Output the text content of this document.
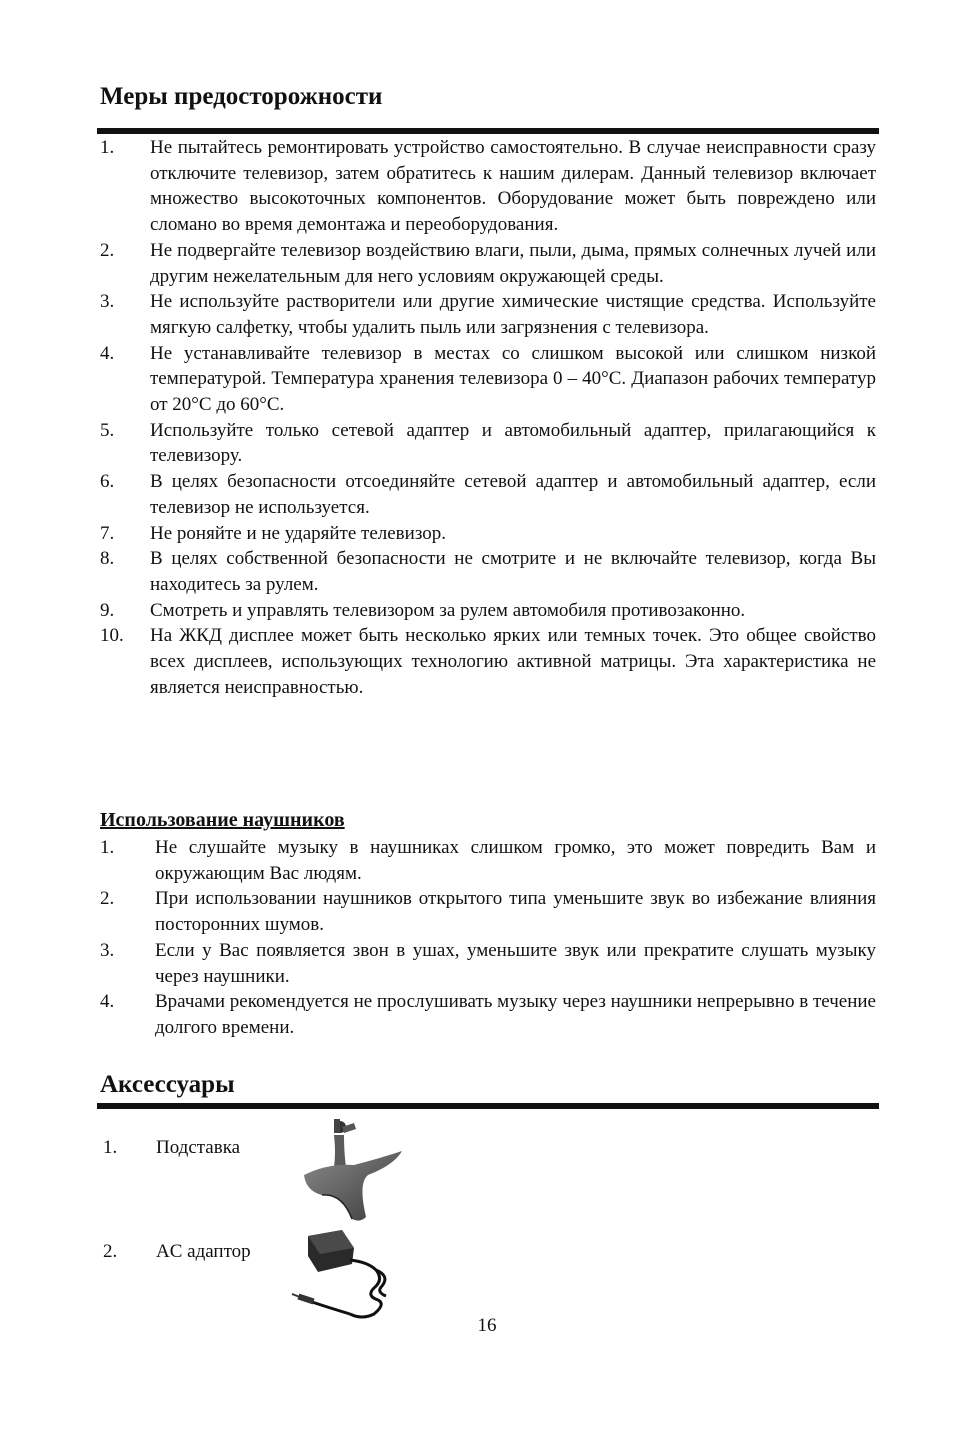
Меры предосторожности
1. Не пытайтесь ремонтировать устройство самостоятельно. В случае неисправности сразу отключите телевизор, затем обратитесь к нашим дилерам. Данный телевизор включает множество высокоточных компонентов. Оборудование может быть повреждено или сломано во время демонтажа и переоборудования.
2. Не подвергайте телевизор воздействию влаги, пыли, дыма, прямых солнечных лучей или другим нежелательным для него условиям окружающей среды.
3. Не используйте растворители или другие химические чистящие средства. Используйте мягкую салфетку, чтобы удалить пыль или загрязнения с телевизора.
4. Не устанавливайте телевизор в местах со слишком высокой или слишком низкой температурой. Температура хранения телевизора 0 – 40°C. Диапазон рабочих температур от 20°C до 60°C.
5. Используйте только сетевой адаптер и автомобильный адаптер, прилагающийся к телевизору.
6. В целях безопасности отсоединяйте сетевой адаптер и автомобильный адаптер, если телевизор не используется.
7. Не роняйте и не ударяйте телевизор.
8. В целях собственной безопасности не смотрите и не включайте телевизор, когда Вы находитесь за рулем.
9. Смотреть и управлять телевизором за рулем автомобиля противозаконно.
10. На ЖКД дисплее может быть несколько ярких или темных точек. Это общее свойство всех дисплеев, использующих технологию активной матрицы. Эта характеристика не является неисправностью.
Использование наушников
1. Не слушайте музыку в наушниках слишком громко, это может повредить Вам и окружающим Вас людям.
2. При использовании наушников открытого типа уменьшите звук во избежание влияния посторонних шумов.
3. Если у Вас появляется звон в ушах, уменьшите звук или прекратите слушать музыку через наушники.
4. Врачами рекомендуется не прослушивать музыку через наушники непрерывно в течение долгого времени.
Аксессуары
1. Подставка
2. AC адаптор
16
